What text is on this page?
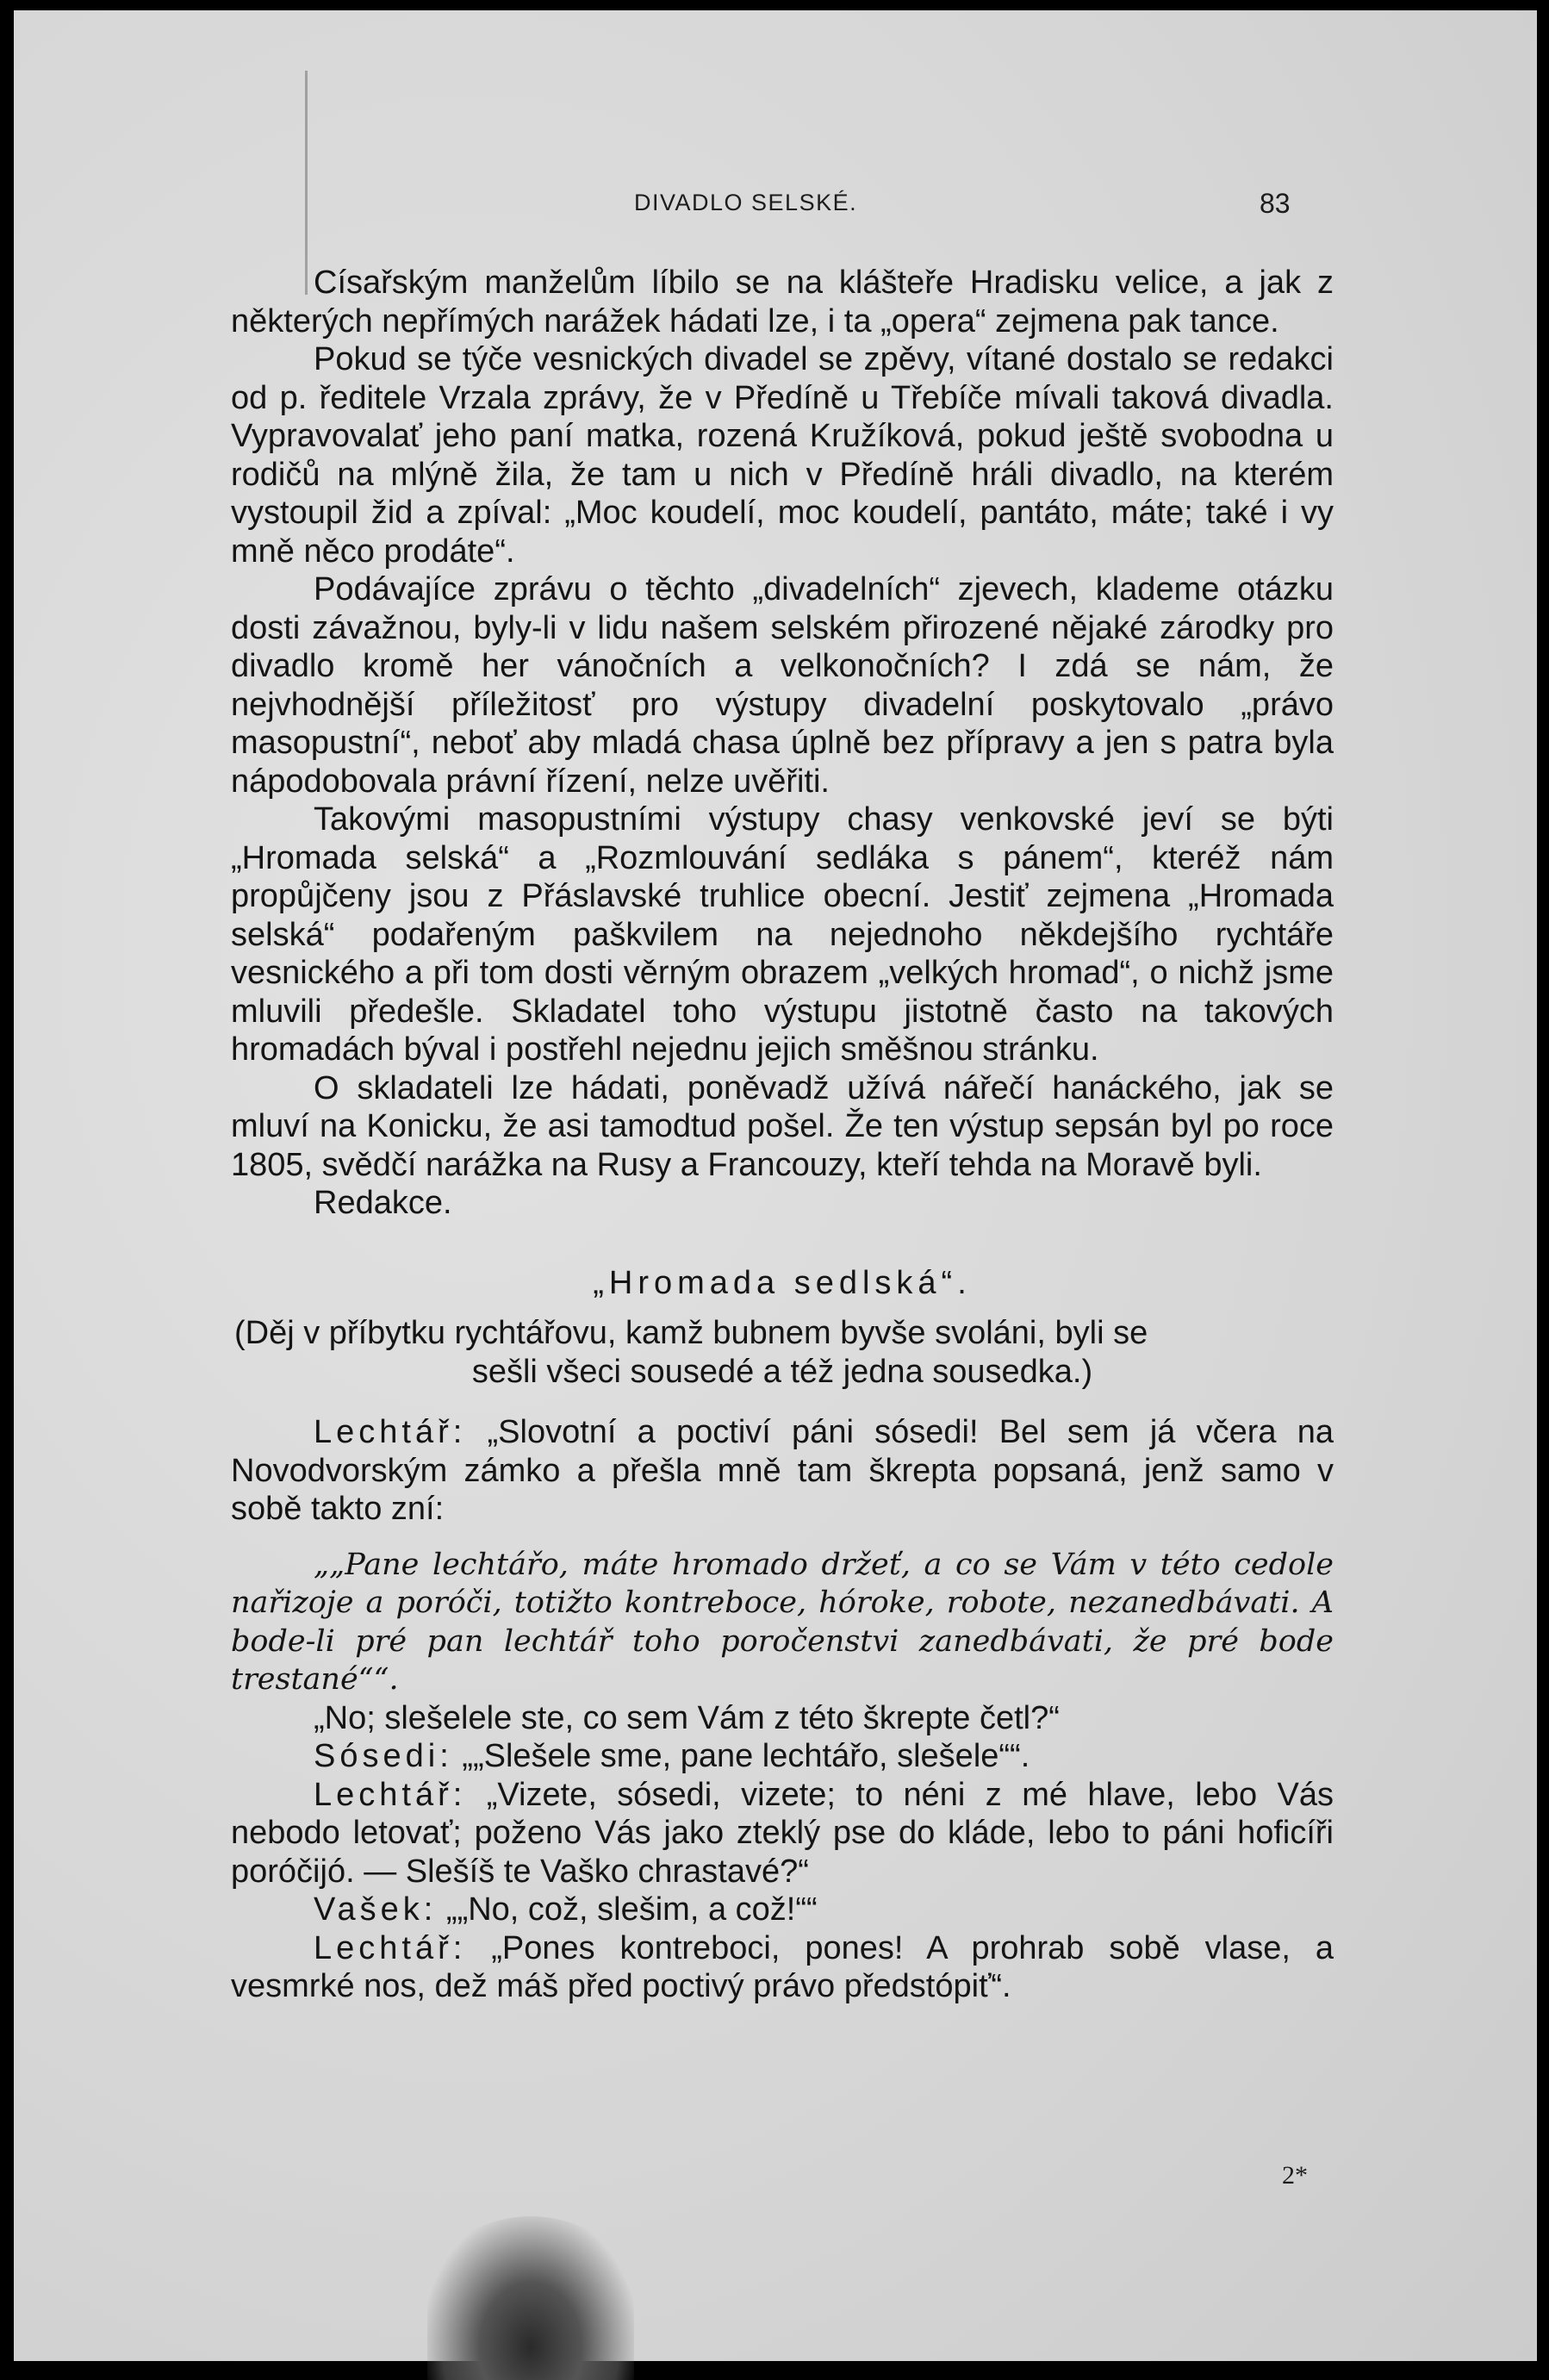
DIVADLO SELSKÉ.	83

2*

Císařským manželům líbilo se na klášteře Hradisku velice, a jak z některých nepřímých narážek hádati lze, i ta „opera“ zejmena pak tance.

Pokud se týče vesnických divadel se zpěvy, vítané dostalo se redakci od p. ředitele Vrzala zprávy, že v Předíně u Třebíče mívali taková divadla. Vypravovalať jeho paní matka, rozená Kružíková, pokud ještě svobodna u rodičů na mlýně žila, že tam u nich v Předíně hráli divadlo, na kterém vystoupil žid a zpíval: „Moc koudelí, moc koudelí, pantáto, máte; také i vy mně něco prodáte“.

Podávajíce zprávu o těchto „divadelních“ zjevech, klademe otázku dosti závažnou, byly-li v lidu našem selském přirozené nějaké zárodky pro divadlo kromě her vánočních a velkonočních? I zdá se nám, že nejvhodnější příležitosť pro výstupy divadelní poskytovalo „právo masopustní“, neboť aby mladá chasa úplně bez přípravy a jen s patra byla nápodobovala právní řízení, nelze uvěřiti.

Takovými masopustními výstupy chasy venkovské jeví se býti „Hromada selská“ a „Rozmlouvání sedláka s pánem“, kteréž nám propůjčeny jsou z Přáslavské truhlice obecní. Jestiť zejmena „Hromada selská“ podařeným paškvilem na nejednoho někdejšího rychtáře vesnického a při tom dosti věrným obrazem „velkých hromad“, o nichž jsme mluvili předešle. Skladatel toho výstupu jistotně často na takových hromadách býval i postřehl nejednu jejich směšnou stránku.

O skladateli lze hádati, poněvadž užívá nářečí hanáckého, jak se mluví na Konicku, že asi tamodtud pošel. Že ten výstup sepsán byl po roce 1805, svědčí narážka na Rusy a Francouzy, kteří tehda na Moravě byli.

Redakce.

„Hromada sedlská“.

(Děj v příbytku rychtářovu, kamž bubnem byvše svoláni, byli se

sešli všeci sousedé a též jedna sousedka.)

Lechtář: „Slovotní a poctiví páni sósedi! Bel sem já včera na Novodvorským zámko a přešla mně tam škrepta popsaná, jenž samo v sobě takto zní:

„„Pane lechtářo, máte hromado držeť, a co se Vám v této cedole nařizoje a poróči, totižto kontreboce, hóroke, robote, nezanedbávati. A bode-li pré pan lechtář toho poročenstvi zanedbávati, že pré bode trestané““.

„No; slešelele ste, co sem Vám z této škrepte četl?“

Sósedi: „„Slešele sme, pane lechtářo, slešele““.

Lechtář: „Vizete, sósedi, vizete; to néni z mé hlave, lebo Vás nebodo letovať; poženo Vás jako zteklý pse do kláde, lebo to páni hoficíři poróčijó. — Slešíš te Vaško chrastavé?“

Vašek: „„No, což, slešim, a což!““

Lechtář: „Pones kontreboci, pones! A prohrab sobě vlase, a vesmrké nos, dež máš před poctivý právo předstópiť“.
